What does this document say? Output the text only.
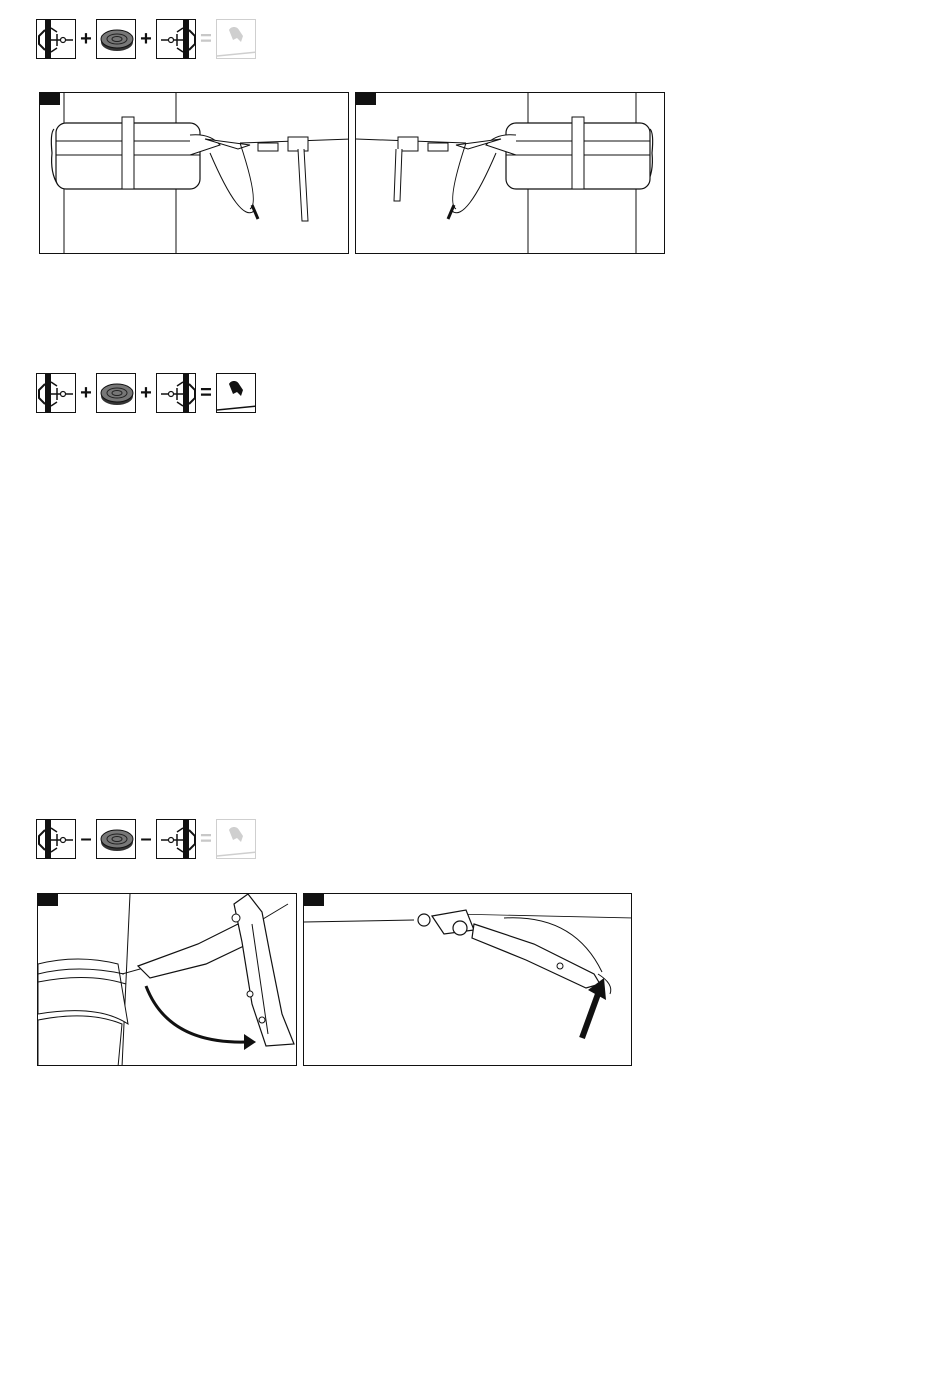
+ + =
+ + =
– – =
